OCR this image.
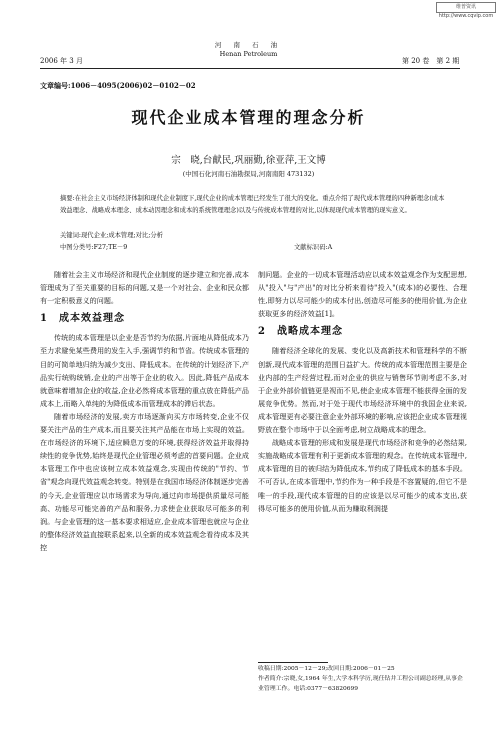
维普资讯 http://www.cqvip.com
河 南 石 油
Henan Petroleum
2006 年 3 月	第 20 卷　第 2 期
文章编号:1006－4095(2006)02－0102－02
现代企业成本管理的理念分析
宗　晓,台献民,巩丽勤,徐亚萍,王文博
(中国石化河南石油勘探局,河南南阳 473132)
摘要:在社会主义市场经济体制和现代企业制度下,现代企业的成本管理已经发生了很大的变化。重点介绍了现代成本管理的四种新理念(成本效益理念、战略成本理念、成本动因理念和成本的系统管理理念)以及与传统成本管理的对比,以体现现代成本管理的现实意义。
关键词:现代企业;成本管理;对比;分析
中图分类号:F27;TE－9	文献标识码:A

随着社会主义市场经济和现代企业制度的逐步建立和完善,成本管理成为了至关重要的目标的问题,又是一个对社会、企业和民众都有一定积极意义的问题。

1　成本效益理念

传统的成本管理是以企业是否节约为依据,片面地从降低成本乃至力求避免某些费用的发生入手,强调节约和节省。传统成本管理的目的可简单地归纳为减少支出、降低成本。在传统的计划经济下,产品实行统购统销,企业的产出等于企业的收入。因此,降低产品成本就意味着增加企业的收益,企业必然将成本管理的重点放在降低产品成本上,而略入单纯的为降低成本而管理成本的滞后状态。

随着市场经济的发展,卖方市场逐渐向买方市场转变,企业不仅要关注产品的生产成本,而且要关注其产品能在市场上实现的效益。在市场经济的环境下,适应瞬息万变的环境,获得经济效益并取得持续性的竞争优势,始终是现代企业管理必须考虑的首要问题。企业成本管理工作中也应该树立成本效益观念,实现由传统的"节约、节省"观念向现代效益观念转变。特别是在我国市场经济体制逐步完善的今天,企业管理应以市场需求为导向,通过向市场提供质量尽可能高、功能尽可能完善的产品和服务,力求使企业获取尽可能多的利润。与企业管理的这一基本要求相适应,企业成本管理也就应与企业的整体经济效益直接联系起来,以全新的成本效益观念看待成本及其控

制问题。企业的一切成本管理活动应以成本效益观念作为支配思想,从"投入"与"产出"的对比分析来看待"投入"(成本)的必要性、合理性,即努力以尽可能少的成本付出,创造尽可能多的使用价值,为企业获取更多的经济效益[1]。

2　战略成本理念

随着经济全球化的发展、变化以及高新技术和管理科学的不断创新,现代成本管理的范围日益扩大。传统的成本管理范围主要是企业内部的生产经营过程,而对企业的供应与销售环节则考虑不多,对于企业外部价值链更是视而不见,使企业成本管理不能获得全面的发展竞争优势。然而,对于处于现代市场经济环境中的我国企业来说,成本管理更有必要注意企业外部环境的影响,应该把企业成本管理视野放在整个市场中于以全面考虑,树立战略成本的理念。

战略成本管理的形成和发展是现代市场经济和竞争的必然结果,实施战略成本管理有利于更新成本管理的观念。在传统成本管理中,成本管理的目的被归结为降低成本,节约成了降低成本的基本手段。不可否认,在成本管理中,节约作为一种手段是不容置疑的,但它不是唯一的手段,现代成本管理的目的应该是以尽可能少的成本支出,获得尽可能多的使用价值,从而为赚取利润提

收稿日期:2005－12－29;改回日期:2006－01－25
作者简介:宗晓,女,1964 年生,大学本科学历,现任钻井工程公司副总经理,从事企业管理工作。电话:0377－63820699
